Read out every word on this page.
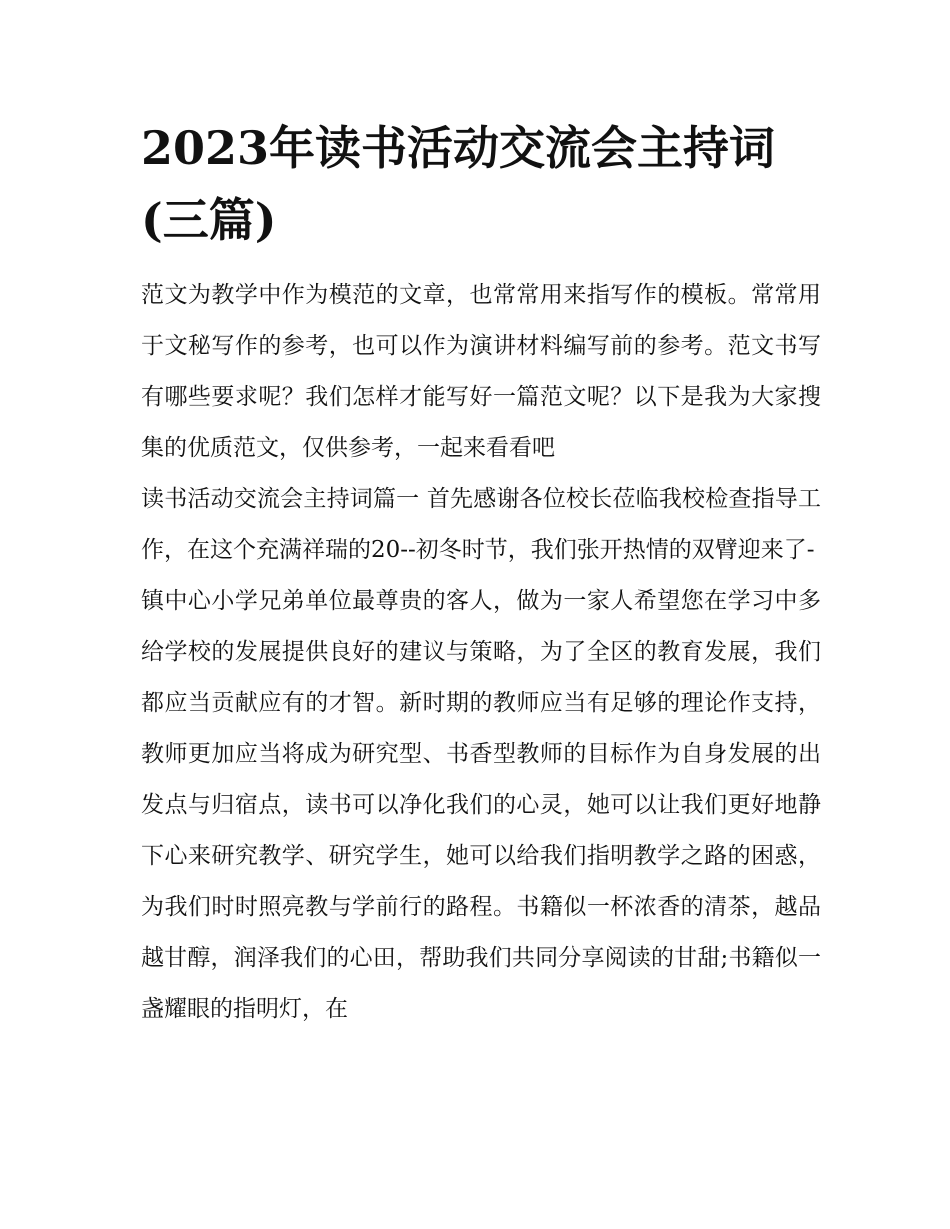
2023年读书活动交流会主持词
(三篇)

范文为教学中作为模范的文章，也常常用来指写作的模板。常常用于文秘写作的参考，也可以作为演讲材料编写前的参考。范文书写有哪些要求呢？我们怎样才能写好一篇范文呢？以下是我为大家搜集的优质范文，仅供参考，一起来看看吧

读书活动交流会主持词篇一 首先感谢各位校长莅临我校检查指导工作，在这个充满祥瑞的20--初冬时节，我们张开热情的双臂迎来了-

镇中心小学兄弟单位最尊贵的客人，做为一家人希望您在学习中多给学校的发展提供良好的建议与策略，为了全区的教育发展，我们都应当贡献应有的才智。新时期的教师应当有足够的理论作支持，教师更加应当将成为研究型、书香型教师的目标作为自身发展的出发点与归宿点，读书可以净化我们的心灵，她可以让我们更好地静下心来研究教学、研究学生，她可以给我们指明教学之路的困惑，为我们时时照亮教与学前行的路程。书籍似一杯浓香的清茶，越品越甘醇，润泽我们的心田，帮助我们共同分享阅读的甘甜;书籍似一盏耀眼的指明灯，在
